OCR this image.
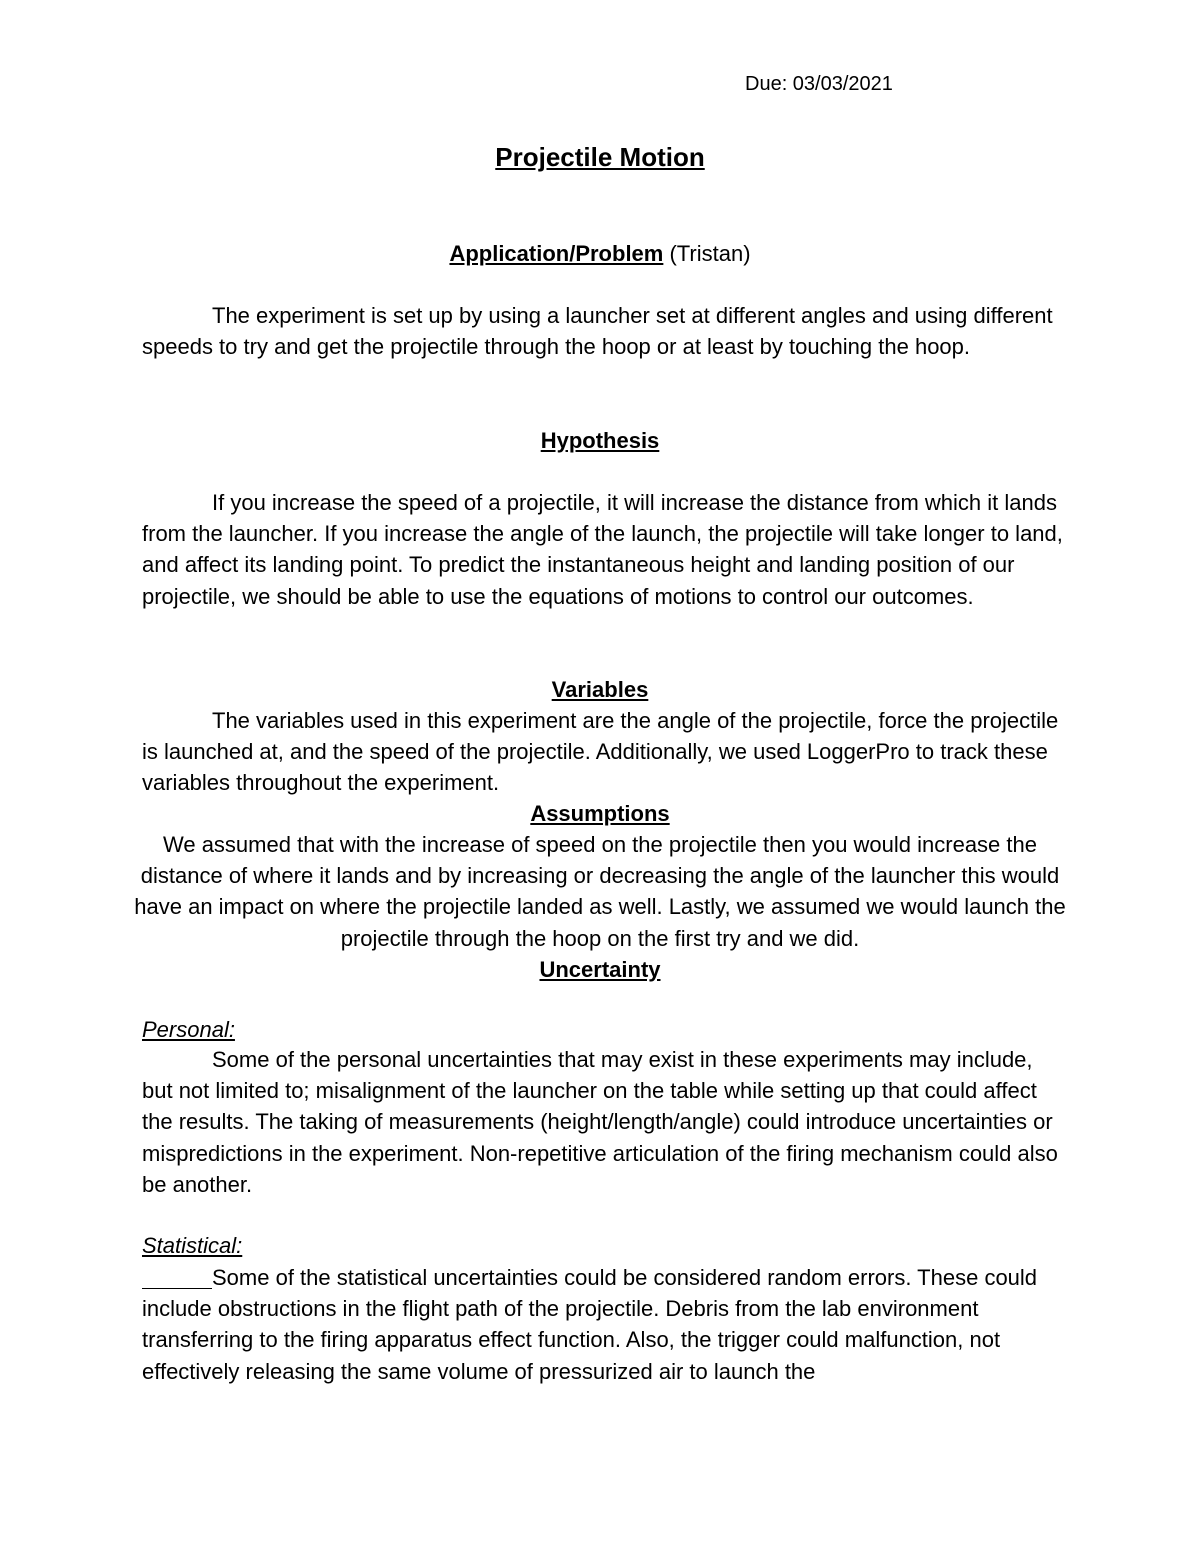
Due: 03/03/2021
Projectile Motion
Application/Problem (Tristan)

The experiment is set up by using a launcher set at different angles and using different speeds to try and get the projectile through the hoop or at least by touching the hoop.

Hypothesis

If you increase the speed of a projectile, it will increase the distance from which it lands from the launcher. If you increase the angle of the launch, the projectile will take longer to land, and affect its landing point. To predict the instantaneous height and landing position of our projectile, we should be able to use the equations of motions to control our outcomes.

Variables

The variables used in this experiment are the angle of the projectile, force the projectile is launched at, and the speed of the projectile. Additionally, we used LoggerPro to track these variables throughout the experiment.

Assumptions

We assumed that with the increase of speed on the projectile then you would increase the distance of where it lands and by increasing or decreasing the angle of the launcher this would have an impact on where the projectile landed as well. Lastly, we assumed we would launch the projectile through the hoop on the first try and we did.

Uncertainty
Personal:

Some of the personal uncertainties that may exist in these experiments may include, but not limited to; misalignment of the launcher on the table while setting up that could affect the results. The taking of measurements (height/length/angle) could introduce uncertainties or mispredictions in the experiment. Non-repetitive articulation of the firing mechanism could also be another.

Statistical:

Some of the statistical uncertainties could be considered random errors. These could include obstructions in the flight path of the projectile. Debris from the lab environment transferring to the firing apparatus effect function. Also, the trigger could malfunction, not effectively releasing the same volume of pressurized air to launch the
